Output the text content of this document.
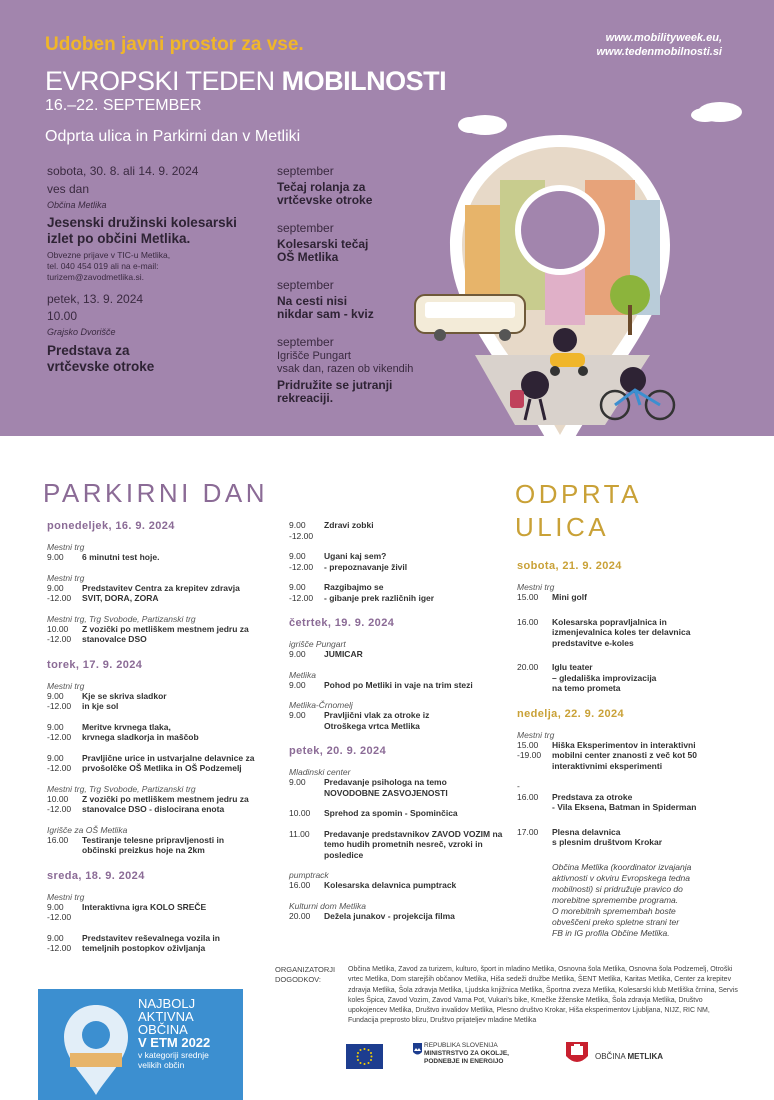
Udoben javni prostor za vse.	www.mobilityweek.eu,
www.tedenmobilnosti.si
EVROPSKI TEDEN MOBILNOSTI
16.–22. SEPTEMBER
Odprta ulica in Parkirni dan v Metliki
sobota, 30. 8. ali 14. 9. 2024
ves dan
Občina Metlika
Jesenski družinski kolesarski
izlet po občini Metlika.
Obvezne prijave v TIC-u Metlika,
tel. 040 454 019 ali na e-mail:
turizem@zavodmetlika.si.
petek, 13. 9. 2024
10.00
Grajsko Dvorišče
Predstava za
vrtčevske otroke
september
Tečaj rolanja za
vrtčevske otroke
september
Kolesarski tečaj
OŠ Metlika
september
Na cesti nisi
nikdar sam - kviz
september
Igrišče Pungart
vsak dan, razen ob vikendih
Pridružite se jutranji
rekreaciji.
PARKIRNI DAN	ODPRTA
ULICA
ponedeljek, 16. 9. 2024
Mestni trg
9.00	6 minutni test hoje.
Mestni trg
9.00	Predstavitev Centra za krepitev zdravja
-12.00	SVIT, DORA, ZORA
Mestni trg, Trg Svobode, Partizanski trg
10.00	Z vozički po metliškem mestnem jedru za
-12.00	stanovalce DSO
torek, 17. 9. 2024
Mestni trg
9.00	Kje se skriva sladkor
-12.00	in kje sol
9.00	Meritve krvnega tlaka,
-12.00	krvnega sladkorja in maščob
9.00	Pravljične urice in ustvarjalne delavnice za
-12.00	prvošolčke OŠ Metlika in OŠ Podzemelj
Mestni trg, Trg Svobode, Partizanski trg
10.00	Z vozički po metliškem mestnem jedru za
-12.00	stanovalce DSO - dislocirana enota
Igrišče za OŠ Metlika
16.00	Testiranje telesne pripravljenosti in
občinski preizkus hoje na 2km
sreda, 18. 9. 2024
Mestni trg
9.00	Interaktivna igra KOLO SREČE
-12.00
9.00	Predstavitev reševalnega vozila in
-12.00	temeljnih postopkov oživljanja
9.00	Zdravi zobki
-12.00
9.00	Ugani kaj sem?
-12.00	- prepoznavanje živil
9.00	Razgibajmo se
-12.00	- gibanje prek različnih iger
četrtek, 19. 9. 2024
igrišče Pungart
9.00	JUMICAR
Metlika
9.00	Pohod po Metliki in vaje na trim stezi
Metlika-Črnomelj
9.00	Pravljični vlak za otroke iz
Otroškega vrtca Metlika
petek, 20. 9. 2024
Mladinski center
9.00	Predavanje psihologa na temo
NOVODOBNE ZASVOJENOSTI
10.00	Sprehod za spomin - Spominčica
11.00	Predavanje predstavnikov ZAVOD VOZIM na
temo hudih prometnih nesreč, vzroki in
posledice
pumptrack
16.00	Kolesarska delavnica pumptrack
Kulturni dom Metlika
20.00	Dežela junakov - projekcija filma
sobota, 21. 9. 2024
Mestni trg
15.00	Mini golf
16.00	Kolesarska popravljalnica in
izmenjevalnica koles ter delavnica
predstavitve e-koles
20.00	Iglu teater
– gledališka improvizacija
na temo prometa
nedelja, 22. 9. 2024
Mestni trg
15.00	Hiška Eksperimentov in interaktivni
-19.00	mobilni center znanosti z več kot 50
interaktivnimi eksperimenti
-
16.00	Predstava za otroke
- Vila Eksena, Batman in Spiderman
17.00	Plesna delavnica
s plesnim društvom Krokar
Občina Metlika (koordinator izvajanja
aktivnosti v okviru Evropskega tedna
mobilnosti) si pridružuje pravico do
morebitne spremembe programa.
O morebitnih spremembah boste
obveščeni preko spletne strani ter
FB in IG profila Občine Metlika.
NAJBOLJ
AKTIVNA
OBČINA
V ETM 2022
v kategoriji srednje
velikih občin
ORGANIZATORJI
DOGODKOV:
Občina Metlika, Zavod za turizem, kulturo, šport in mladino Metlika, Osnovna šola Metlika, Osnovna šola Podzemelj, Otroški vrtec Metlika, Dom starejših občanov Metlika, Hiša sedeži družbe Metlika, ŠENT Metlika, Karitas Metlika, Center za krepitev zdravja Metlika, Šola zdravja Metlika, Ljudska knjižnica Metlika, Športna zveza Metlika, Kolesarski klub Metliška črnina, Servis koles Špica, Zavod Vozim, Zavod Varna Pot, Vukari's bike, Kmečke žženske Metlika, Šola zdravja Metlika, Društvo upokojencev Metlika, Društvo invalidov Metlika, Plesno društvo Krokar, Hiša eksperimentov Ljubljana, NIJZ, RIC NM, Fundacija preprosto blizu, Društvo prijateljev mladine Metlika
REPUBLIKA SLOVENIJA
MINISTRSTVO ZA OKOLJE,
PODNEBJE IN ENERGIJO
OBČINA METLIKA
